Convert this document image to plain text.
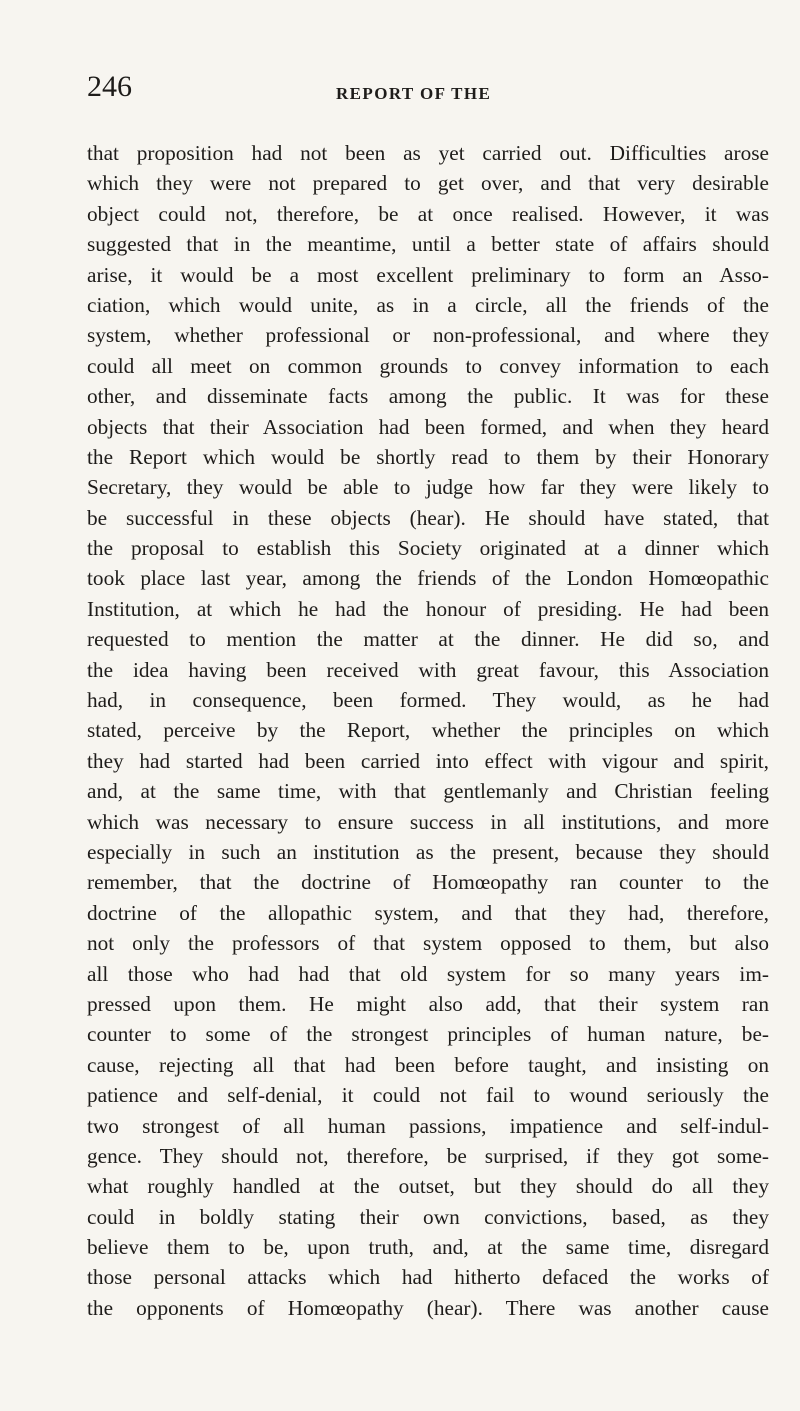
246	REPORT OF THE
that proposition had not been as yet carried out. Difficulties arose
which they were not prepared to get over, and that very desirable
object could not, therefore, be at once realised. However, it was
suggested that in the meantime, until a better state of affairs should
arise, it would be a most excellent preliminary to form an Asso-
ciation, which would unite, as in a circle, all the friends of the
system, whether professional or non-professional, and where they
could all meet on common grounds to convey information to each
other, and disseminate facts among the public. It was for these
objects that their Association had been formed, and when they heard
the Report which would be shortly read to them by their Honorary
Secretary, they would be able to judge how far they were likely to
be successful in these objects (hear). He should have stated, that
the proposal to establish this Society originated at a dinner which
took place last year, among the friends of the London Homœopathic
Institution, at which he had the honour of presiding. He had been
requested to mention the matter at the dinner. He did so, and
the idea having been received with great favour, this Association
had, in consequence, been formed. They would, as he had
stated, perceive by the Report, whether the principles on which
they had started had been carried into effect with vigour and spirit,
and, at the same time, with that gentlemanly and Christian feeling
which was necessary to ensure success in all institutions, and more
especially in such an institution as the present, because they should
remember, that the doctrine of Homœopathy ran counter to the
doctrine of the allopathic system, and that they had, therefore,
not only the professors of that system opposed to them, but also
all those who had had that old system for so many years im-
pressed upon them. He might also add, that their system ran
counter to some of the strongest principles of human nature, be-
cause, rejecting all that had been before taught, and insisting on
patience and self-denial, it could not fail to wound seriously the
two strongest of all human passions, impatience and self-indul-
gence. They should not, therefore, be surprised, if they got some-
what roughly handled at the outset, but they should do all they
could in boldly stating their own convictions, based, as they
believe them to be, upon truth, and, at the same time, disregard
those personal attacks which had hitherto defaced the works of
the opponents of Homœopathy (hear). There was another cause
